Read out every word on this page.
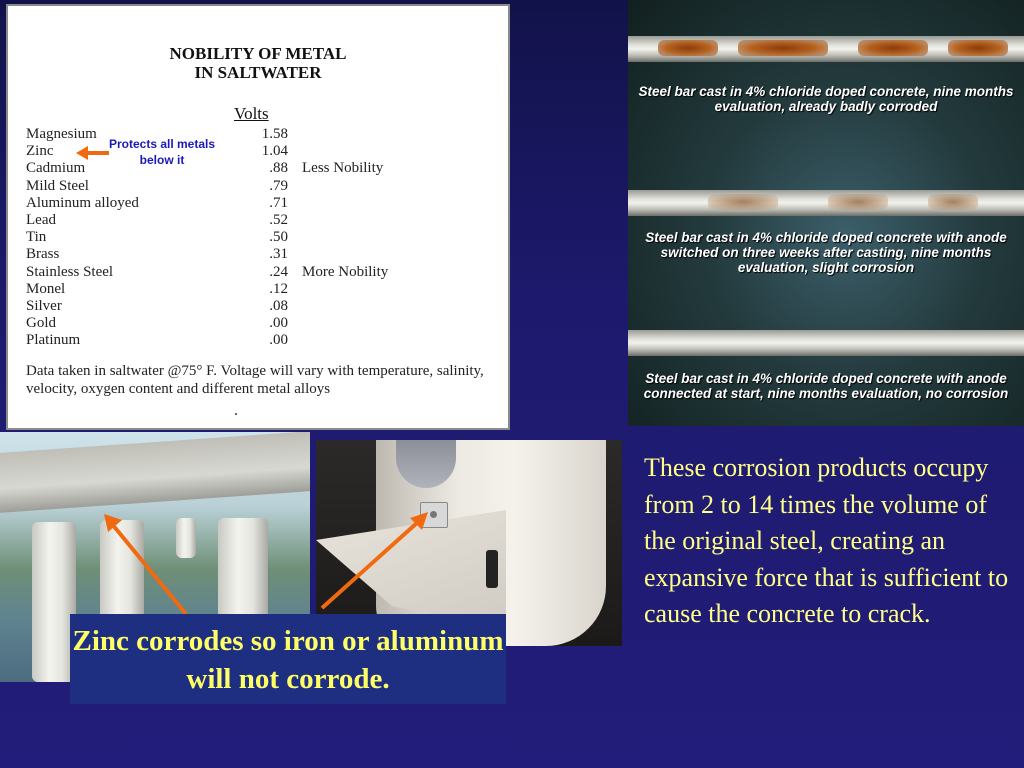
NOBILITY OF METAL
IN SALTWATER
Volts
Magnesium	1.58
Zinc	1.04
Cadmium	.88 Less Nobility
Mild Steel	.79
Aluminum alloyed	.71
Lead	.52
Tin	.50
Brass	.31
Stainless Steel	.24 More Nobility
Monel	.12
Silver	.08
Gold	.00
Platinum	.00
Data taken in saltwater @75° F. Voltage will vary with temperature, salinity, velocity, oxygen content and different metal alloys
.
Protects all metals below it
Steel bar cast in 4% chloride doped concrete, nine months evaluation, already badly corroded
Steel bar cast in 4% chloride doped concrete with anode switched on three weeks after casting, nine months evaluation, slight corrosion
Steel bar cast in 4% chloride doped concrete with anode connected at start, nine months evaluation, no corrosion
Zinc corrodes so iron or aluminum will not corrode.
These corrosion products occupy from 2 to 14 times the volume of the original steel, creating an expansive force that is sufficient to cause the concrete to crack.
